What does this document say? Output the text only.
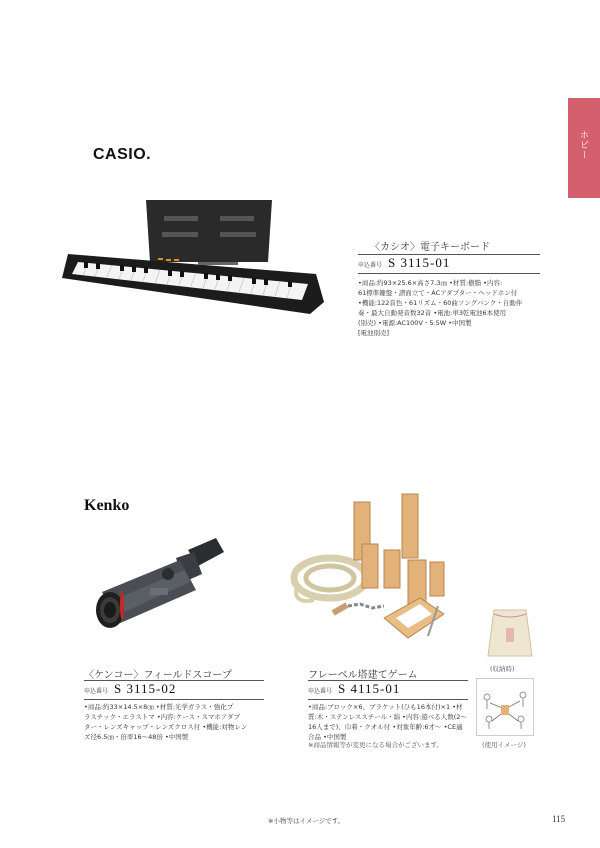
ホビー
CASIO.
〈カシオ〉電子キーボード
申込番号 S 3115-01
•商品:約93×25.6×高さ7.3㎝ •材質:樹脂 •内容:
61標準鍵盤・譜面立て・ACアダプター・ヘッドホン付
•機能:122音色・61リズム・60曲ソングバンク・自動伴
奏・最大自動発音数32音 •電池:単3乾電池6本使用
(別売) •電源:AC100V・5.5W •中国製
[電池別売]
Kenko
〈ケンコー〉フィールドスコープ
申込番号 S 3115-02
•商品:約33×14.5×8㎝ •材質:光学ガラス・強化プ
ラスチック・エラストマ •内容:ケース・スマホアダプ
ター・レンズキャップ・レンズクロス付 •機能:対物レン
ズ径6.5㎝・倍率16～48倍 •中国製
(収納時)
(使用イメージ)
フレーベル塔建てゲーム
申込番号 S 4115-01
•商品:ブロック×6、ブラケット(ひも16本付)×1 •材
質:木・ステンレススチール・綿 •内容:遊べる人数(2～
16人まで)、巾着・クオル付 •対象年齢:6才～ •CE適
合品 •中国製
※商品情報等が変更になる場合がございます。
※小物等はイメージです。	115
